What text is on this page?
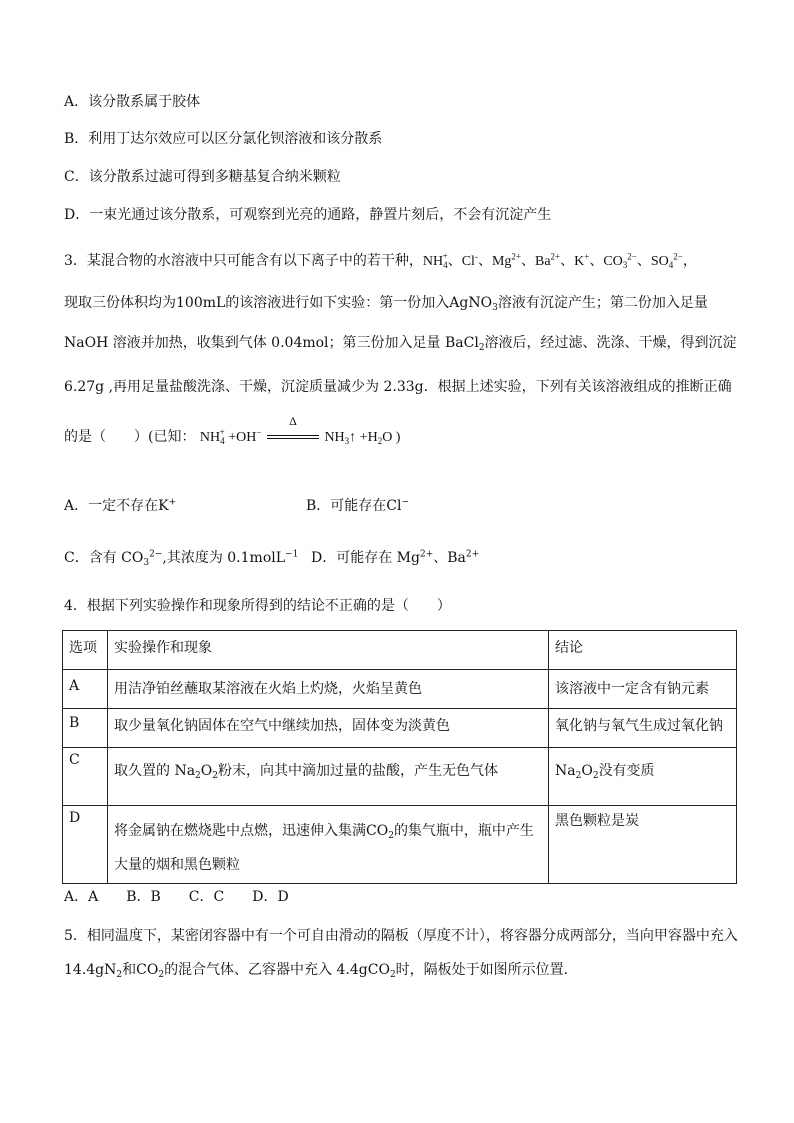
A．该分散系属于胶体
B．利用丁达尔效应可以区分氯化钡溶液和该分散系
C．该分散系过滤可得到多糖基复合纳米颗粒
D．一束光通过该分散系，可观察到光亮的通路，静置片刻后，不会有沉淀产生
3．某混合物的水溶液中只可能含有以下离子中的若干种，$NH_4^+$、Cl-、$Mg^{2+}$、$Ba^{2+}$、K+、$CO_3^{2-}$、$SO_4^{2-}$，
现取三份体积均为100mL的该溶液进行如下实验：第一份加入AgNO$_3$溶液有沉淀产生；第二份加入足量
NaOH 溶液并加热，收集到气体 0.04mol；第三份加入足量 BaCl$_2$溶液后，经过滤、洗涤、干燥，得到沉淀
6.27g ,再用足量盐酸洗涤、干燥，沉淀质量减少为 2.33g．根据上述实验，下列有关该溶液组成的推断正确
的是（ ）(已知： $NH_4^+ +OH^-$
Δ
$NH_3↑ +H_2O$ )
A．一定不存在K+	B．可能存在Cl−
C．含有 $CO_3^{2-}$,其浓度为 0.1molL$^{-1}$ D．可能存在 $Mg^{2+}$、$Ba^{2+}$
4．根据下列实验操作和现象所得到的结论不正确的是（　　）
选项	实验操作和现象	结论
A	用洁净铂丝蘸取某溶液在火焰上灼烧，火焰呈黄色	该溶液中一定含有钠元素
B	取少量氧化钠固体在空气中继续加热，固体变为淡黄色	氧化钠与氧气生成过氧化钠
C	取久置的 $Na_2O_2$粉末，向其中滴加过量的盐酸，产生无色气体	$Na_2O_2$没有变质
D	将金属钠在燃烧匙中点燃，迅速伸入集满$CO_2$的集气瓶中，瓶中产生
大量的烟和黑色颗粒	黑色颗粒是炭
A．A　　B．B　　C．C　　D．D
5．相同温度下，某密闭容器中有一个可自由滑动的隔板（厚度不计），将容器分成两部分，当向甲容器中充入
$14.4gN_2$和$CO_2$的混合气体、乙容器中充入 4.4gCO$_2$时，隔板处于如图所示位置.
